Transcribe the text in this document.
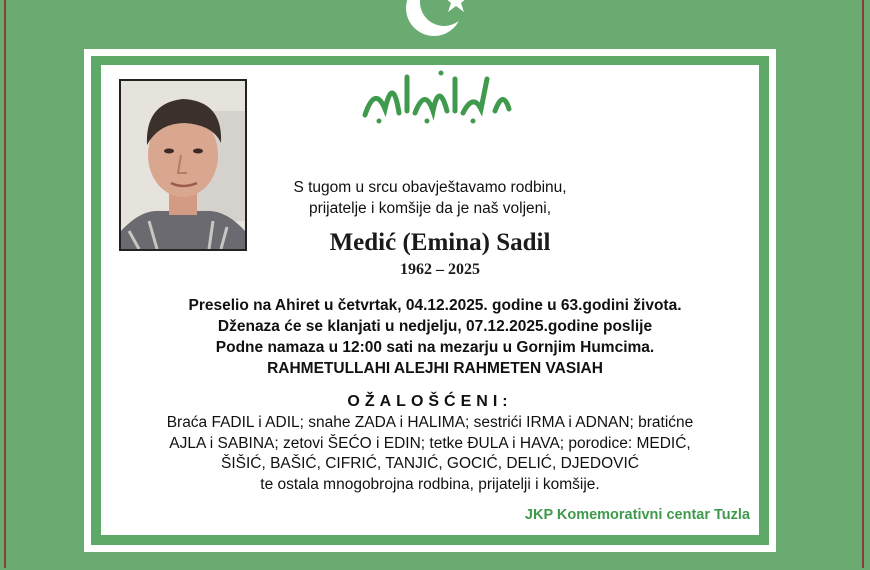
S tugom u srcu obavještavamo rodbinu,
prijatelje i komšije da je naš voljeni,
Medić (Emina) Sadil
1962 – 2025
Preselio na Ahiret u četvrtak, 04.12.2025. godine u 63.godini života.
Dženaza će se klanjati u nedjelju, 07.12.2025.godine poslije
Podne namaza u 12:00 sati na mezarju u Gornjim Humcima.
RAHMETULLAHI ALEJHI RAHMETEN VASIAH
OŽALOŠĆENI:
Braća FADIL i ADIL; snahe ZADA i HALIMA; sestrići IRMA i ADNAN; bratićne
AJLA i SABINA; zetovi ŠEĆO i EDIN; tetke ĐULA i HAVA; porodice: MEDIĆ,
ŠIŠIĆ, BAŠIĆ, CIFRIĆ, TANJIĆ, GOCIĆ, DELIĆ, DJEDOVIĆ
te ostala mnogobrojna rodbina, prijatelji i komšije.
JKP Komemorativni centar Tuzla
